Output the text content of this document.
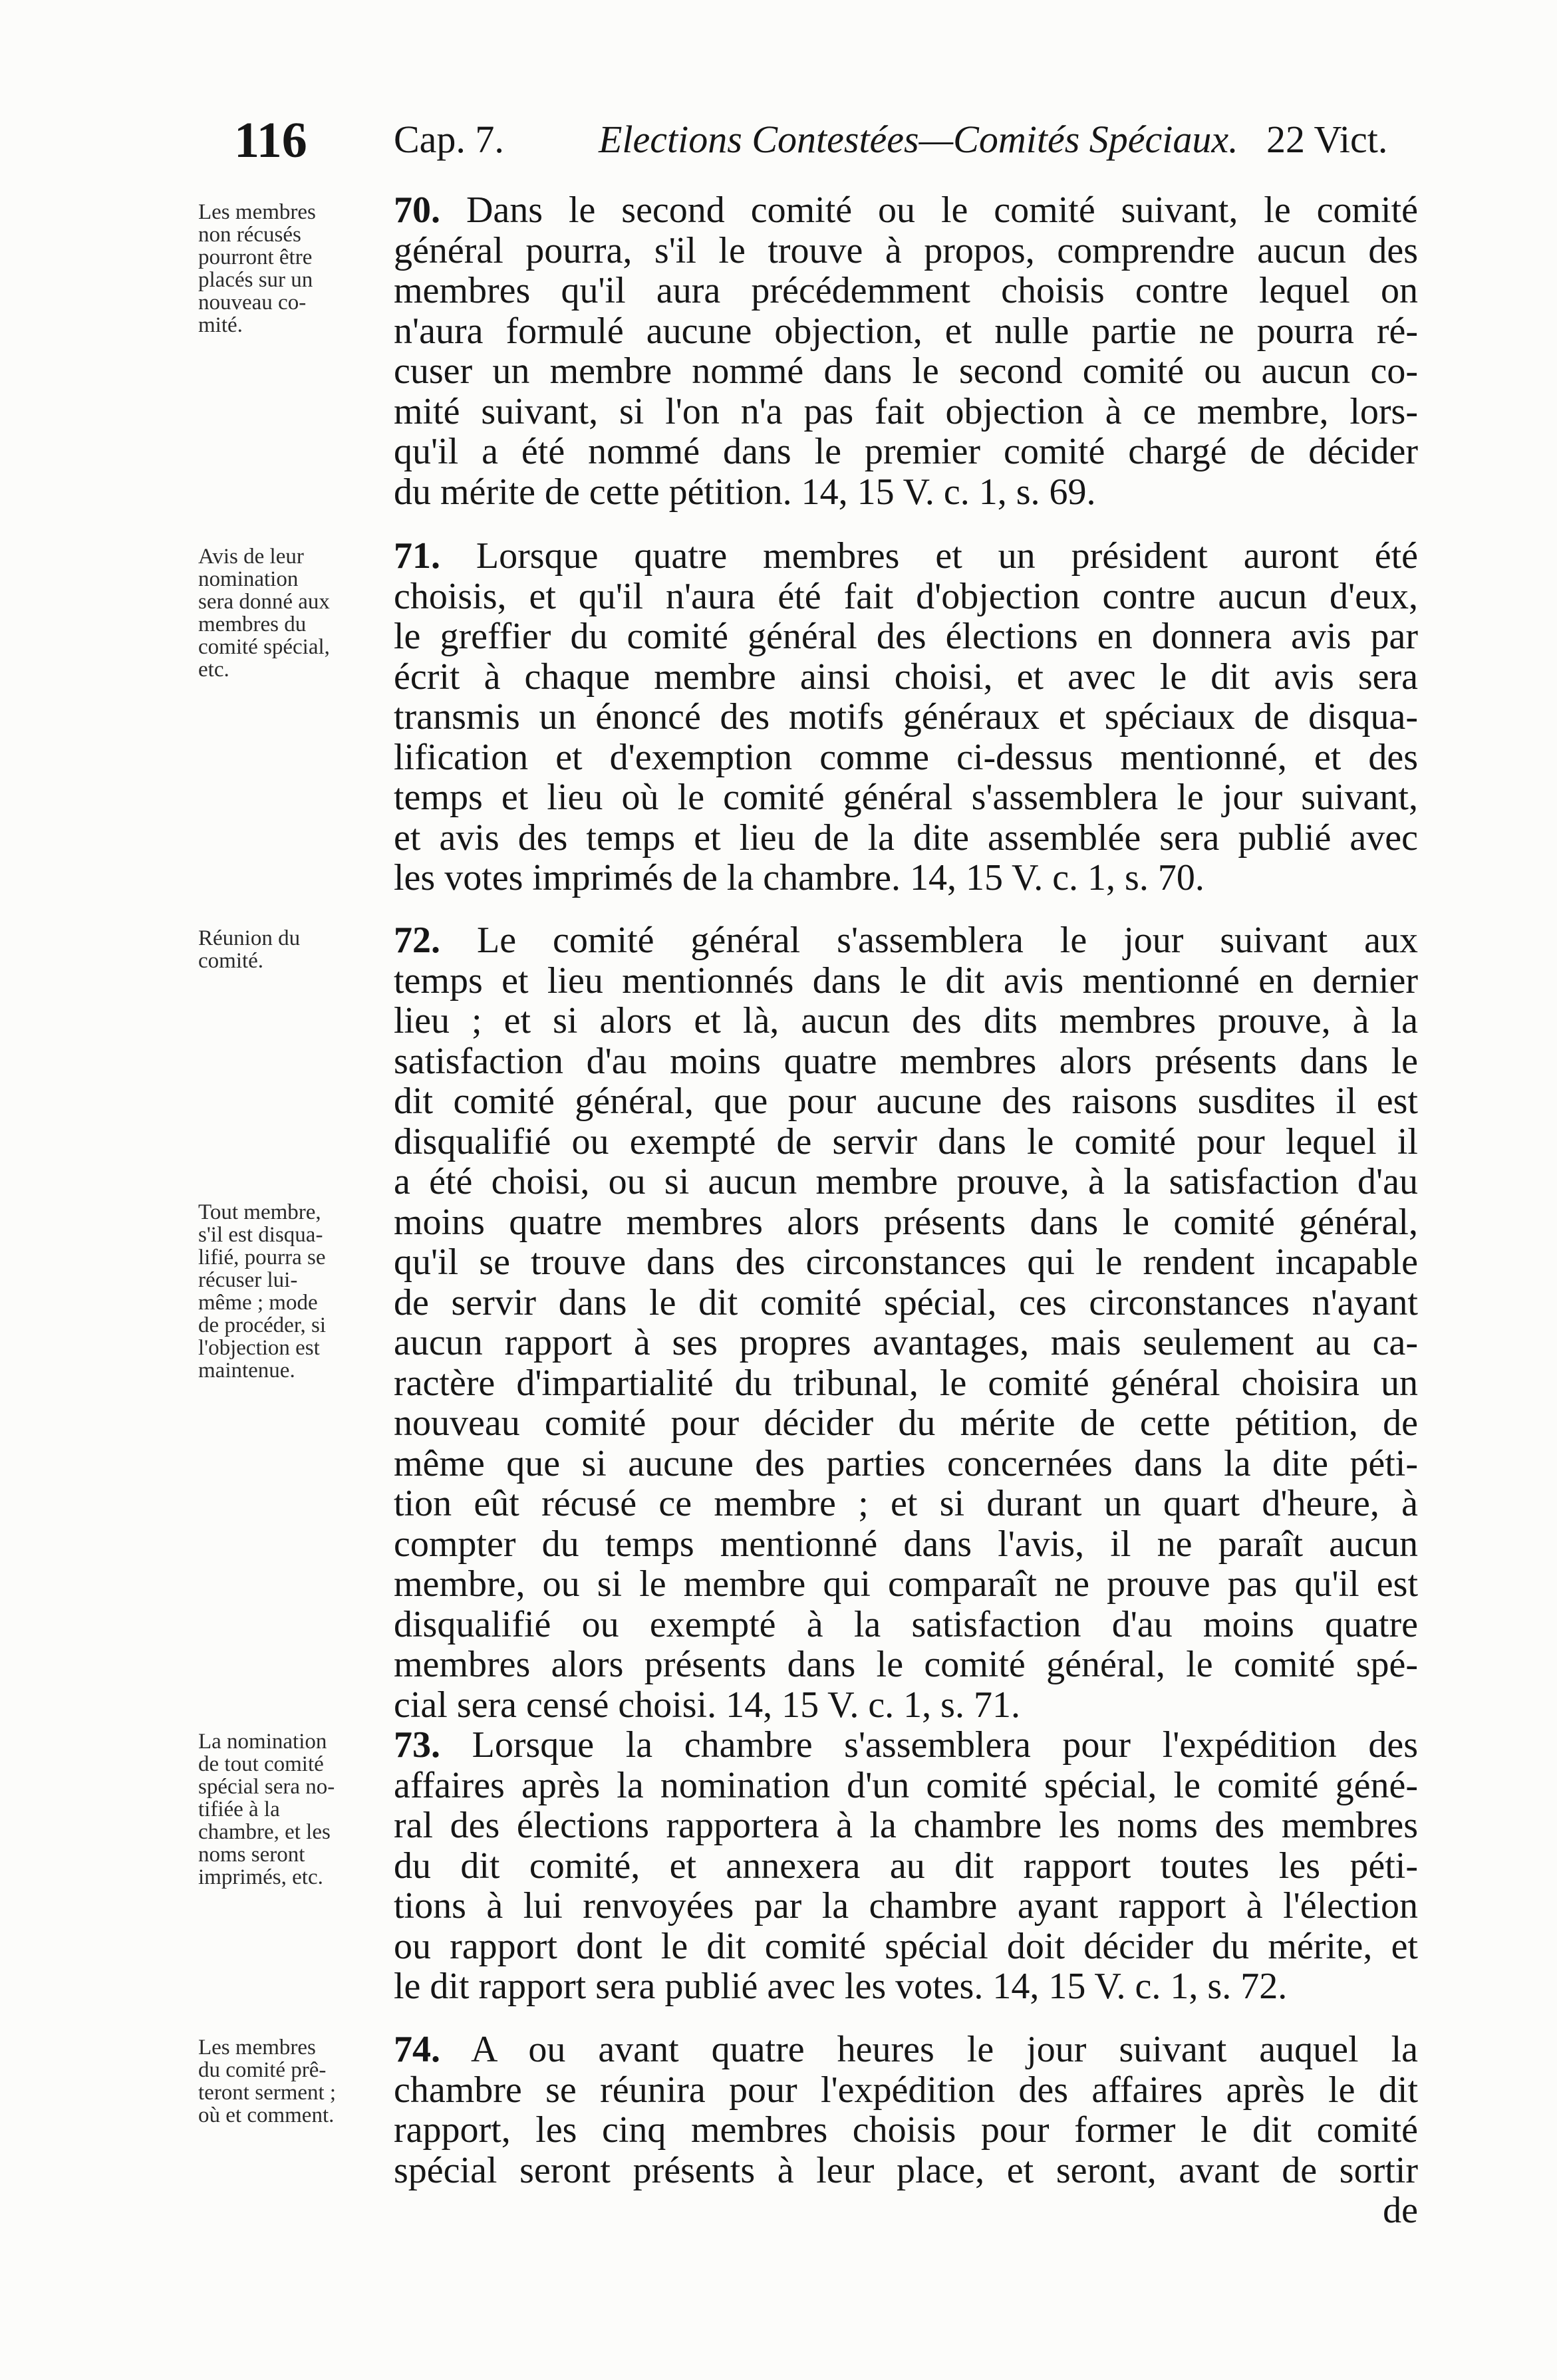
116 Cap. 7. Elections Contestées—Comités Spéciaux. 22 Vict.
Les membres
non récusés
pourront être
placés sur un
nouveau co-
mité.
70. Dans le second comité ou le comité suivant, le comité
général pourra, s'il le trouve à propos, comprendre aucun des
membres qu'il aura précédemment choisis contre lequel on
n'aura formulé aucune objection, et nulle partie ne pourra ré-
cuser un membre nommé dans le second comité ou aucun co-
mité suivant, si l'on n'a pas fait objection à ce membre, lors-
qu'il a été nommé dans le premier comité chargé de décider
du mérite de cette pétition. 14, 15 V. c. 1, s. 69.
Avis de leur
nomination
sera donné aux
membres du
comité spécial,
etc.
71. Lorsque quatre membres et un président auront été
choisis, et qu'il n'aura été fait d'objection contre aucun d'eux,
le greffier du comité général des élections en donnera avis par
écrit à chaque membre ainsi choisi, et avec le dit avis sera
transmis un énoncé des motifs généraux et spéciaux de disqua-
lification et d'exemption comme ci-dessus mentionné, et des
temps et lieu où le comité général s'assemblera le jour suivant,
et avis des temps et lieu de la dite assemblée sera publié avec
les votes imprimés de la chambre. 14, 15 V. c. 1, s. 70.
Réunion du
comité.
Tout membre,
s'il est disqua-
lifié, pourra se
récuser lui-
même ; mode
de procéder, si
l'objection est
maintenue.
72. Le comité général s'assemblera le jour suivant aux
temps et lieu mentionnés dans le dit avis mentionné en dernier
lieu ; et si alors et là, aucun des dits membres prouve, à la
satisfaction d'au moins quatre membres alors présents dans le
dit comité général, que pour aucune des raisons susdites il est
disqualifié ou exempté de servir dans le comité pour lequel il
a été choisi, ou si aucun membre prouve, à la satisfaction d'au
moins quatre membres alors présents dans le comité général,
qu'il se trouve dans des circonstances qui le rendent incapable
de servir dans le dit comité spécial, ces circonstances n'ayant
aucun rapport à ses propres avantages, mais seulement au ca-
ractère d'impartialité du tribunal, le comité général choisira un
nouveau comité pour décider du mérite de cette pétition, de
même que si aucune des parties concernées dans la dite péti-
tion eût récusé ce membre ; et si durant un quart d'heure, à
compter du temps mentionné dans l'avis, il ne paraît aucun
membre, ou si le membre qui comparaît ne prouve pas qu'il est
disqualifié ou exempté à la satisfaction d'au moins quatre
membres alors présents dans le comité général, le comité spé-
cial sera censé choisi. 14, 15 V. c. 1, s. 71.
La nomination
de tout comité
spécial sera no-
tifiée à la
chambre, et les
noms seront
imprimés, etc.
73. Lorsque la chambre s'assemblera pour l'expédition des
affaires après la nomination d'un comité spécial, le comité géné-
ral des élections rapportera à la chambre les noms des membres
du dit comité, et annexera au dit rapport toutes les péti-
tions à lui renvoyées par la chambre ayant rapport à l'élection
ou rapport dont le dit comité spécial doit décider du mérite, et
le dit rapport sera publié avec les votes. 14, 15 V. c. 1, s. 72.
Les membres
du comité prê-
teront serment ;
où et comment.
74. A ou avant quatre heures le jour suivant auquel la
chambre se réunira pour l'expédition des affaires après le dit
rapport, les cinq membres choisis pour former le dit comité
spécial seront présents à leur place, et seront, avant de sortir
de
